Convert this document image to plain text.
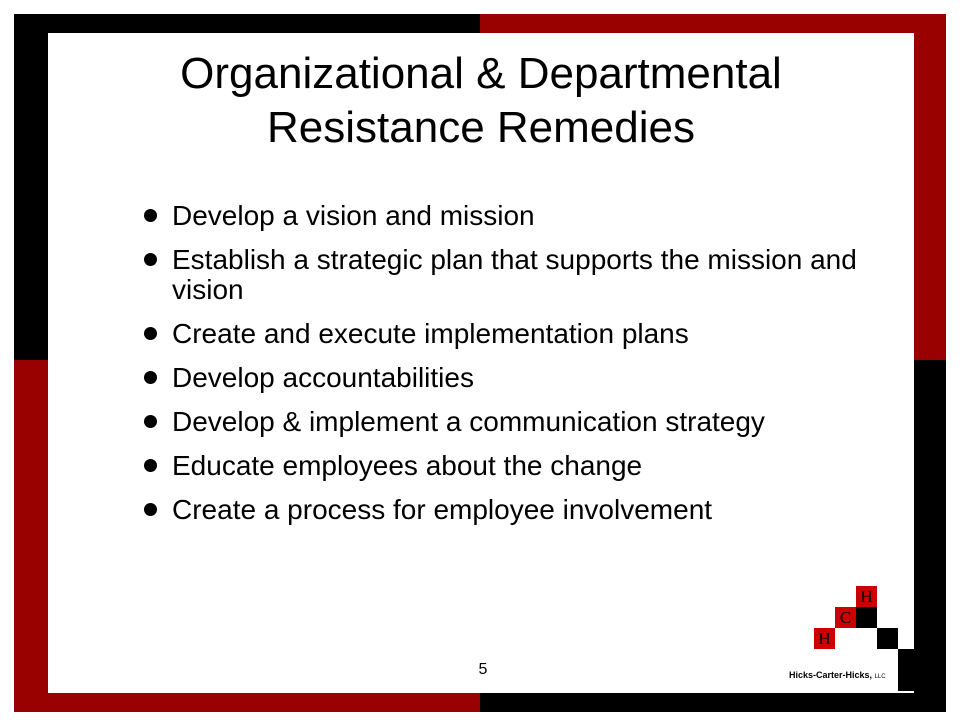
Organizational & Departmental
Resistance Remedies
Develop a vision and mission
Establish a strategic plan that supports the mission and vision
Create and execute implementation plans
Develop accountabilities
Develop & implement a communication strategy
Educate employees about the change
Create a process for employee involvement
5
H
C
H
Hicks-Carter-Hicks, LLC
